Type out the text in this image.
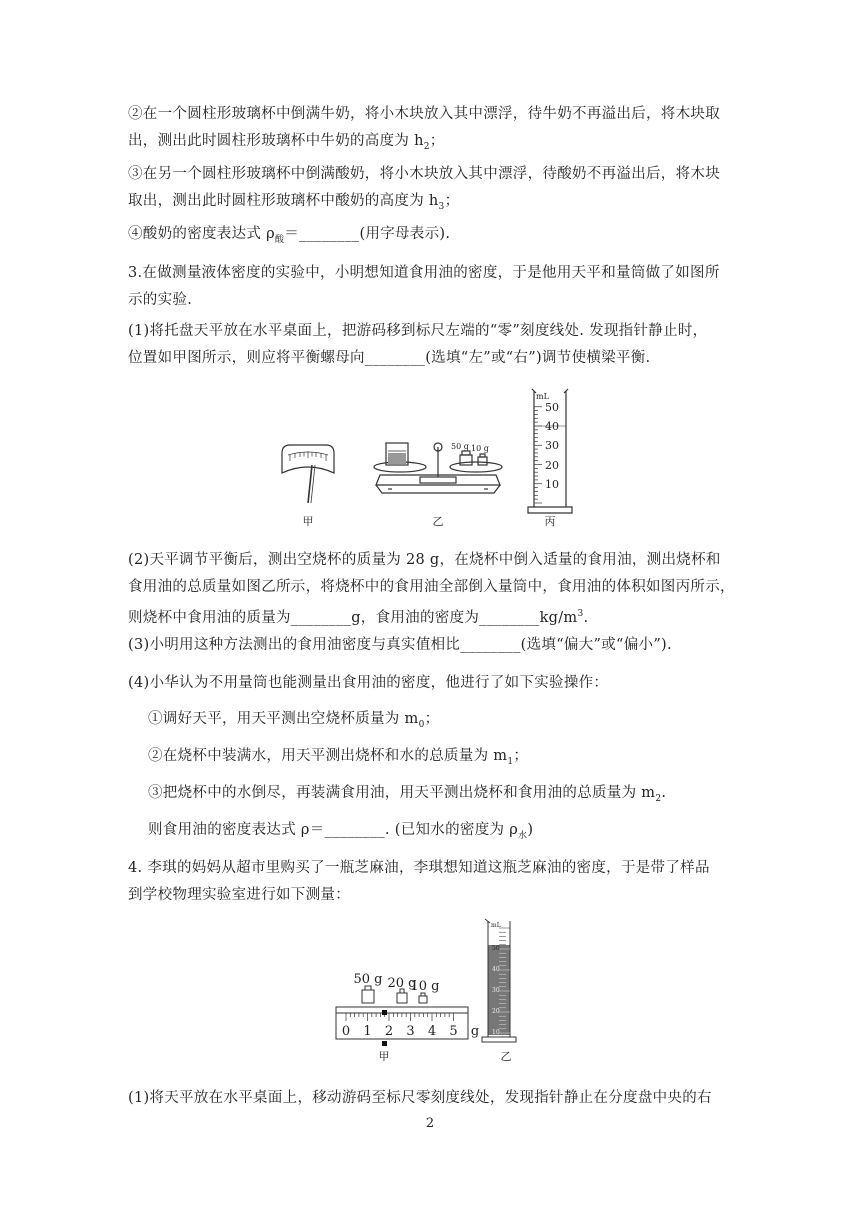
②在一个圆柱形玻璃杯中倒满牛奶，将小木块放入其中漂浮，待牛奶不再溢出后，将木块取
出，测出此时圆柱形玻璃杯中牛奶的高度为 $h_2$；
③在另一个圆柱形玻璃杯中倒满酸奶，将小木块放入其中漂浮，待酸奶不再溢出后，将木块
取出，测出此时圆柱形玻璃杯中酸奶的高度为 $h_3$；
④酸奶的密度表达式 $\rho_酸=\_\_\_\_\_\_\_\_$(用字母表示).
3.在做测量液体密度的实验中，小明想知道食用油的密度，于是他用天平和量筒做了如图所
示的实验.
(1)将托盘天平放在水平桌面上，把游码移到标尺左端的“零”刻度线处. 发现指针静止时，
位置如甲图所示，则应将平衡螺母向________(选填“左”或“右”)调节使横梁平衡.
50 g 10 g
mL
50
40
30
20
10
甲	乙	丙
(2)天平调节平衡后，测出空烧杯的质量为 28 g，在烧杯中倒入适量的食用油，测出烧杯和
食用油的总质量如图乙所示，将烧杯中的食用油全部倒入量筒中，食用油的体积如图丙所示，
则烧杯中食用油的质量为________g，食用油的密度为$\_\_\_\_\_\_\_\_kg/m^3$.
(3)小明用这种方法测出的食用油密度与真实值相比________(选填“偏大”或“偏小”).
(4)小华认为不用量筒也能测量出食用油的密度，他进行了如下实验操作：
①调好天平，用天平测出空烧杯质量为 $m_0$；
②在烧杯中装满水，用天平测出烧杯和水的总质量为 $m_1$；
③把烧杯中的水倒尽，再装满食用油，用天平测出烧杯和食用油的总质量为 $m_2$.
则食用油的密度表达式 ρ＝________. (已知水的密度为 $\rho_水$)
4. 李琪的妈妈从超市里购买了一瓶芝麻油，李琪想知道这瓶芝麻油的密度，于是带了样品
到学校物理实验室进行如下测量：
50 g 20 g
10 g
0 1 2 3 4 5 g
甲	乙
mL
50
40
30
20
10
(1)将天平放在水平桌面上，移动游码至标尺零刻度线处，发现指针静止在分度盘中央的右
2
